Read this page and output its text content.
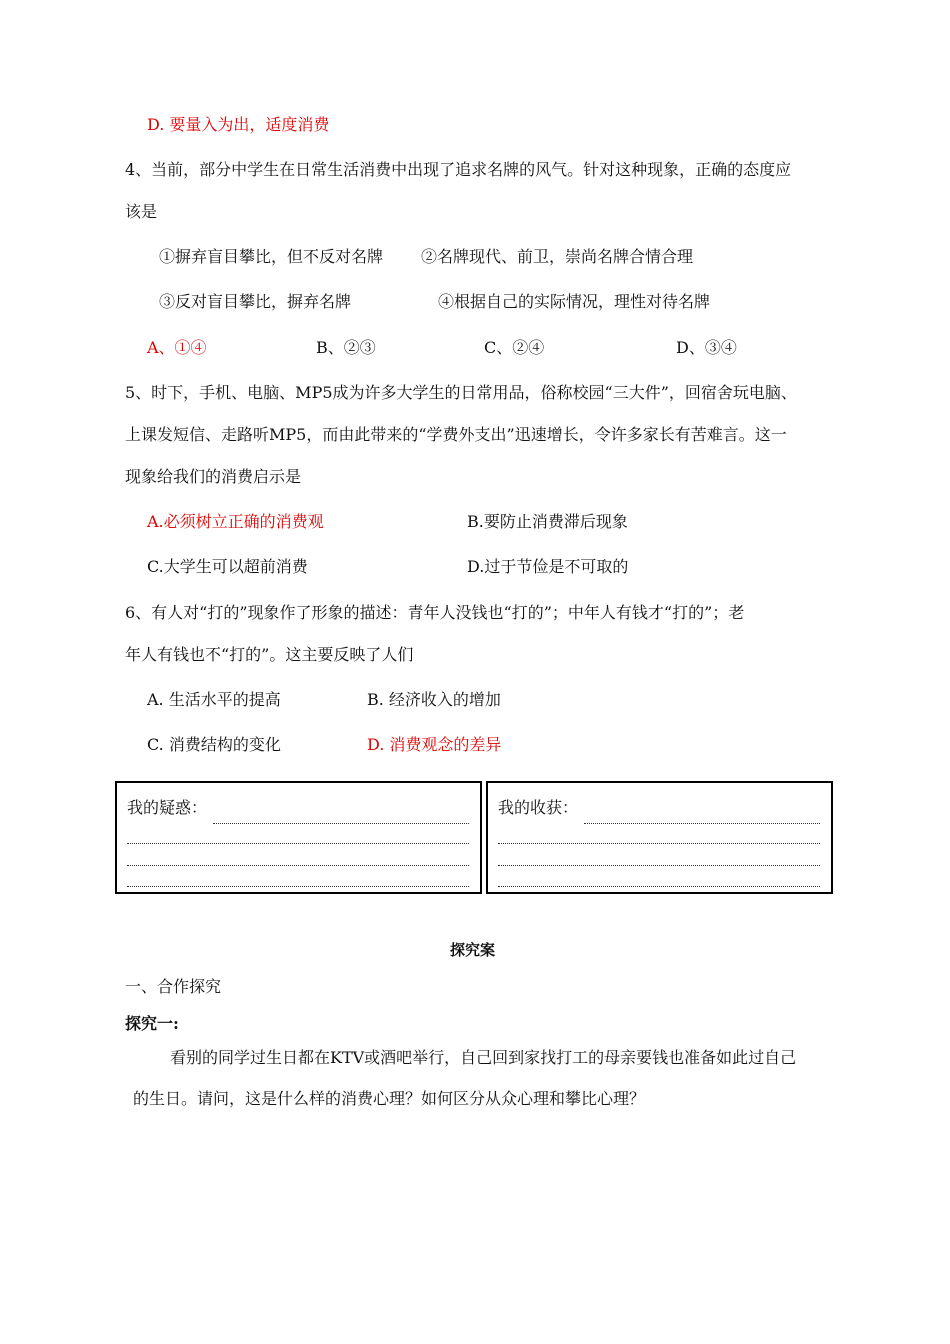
D. 要量入为出，适度消费
4、当前，部分中学生在日常生活消费中出现了追求名牌的风气。针对这种现象，正确的态度应
该是
①摒弃盲目攀比，但不反对名牌 ②名牌现代、前卫，崇尚名牌合情合理
③反对盲目攀比，摒弃名牌	④根据自己的实际情况，理性对待名牌
A、①④	B、②③	C、②④	D、③④
5、时下，手机、电脑、MP5成为许多大学生的日常用品，俗称校园“三大件”，回宿舍玩电脑、
上课发短信、走路听MP5，而由此带来的“学费外支出”迅速增长，令许多家长有苦难言。这一
现象给我们的消费启示是
A.必须树立正确的消费观	B.要防止消费滞后现象
C.大学生可以超前消费	D.过于节俭是不可取的
6、有人对“打的”现象作了形象的描述：青年人没钱也“打的”；中年人有钱才“打的”；老
年人有钱也不“打的”。这主要反映了人们
A. 生活水平的提高	B. 经济收入的增加
C. 消费结构的变化	D. 消费观念的差异
我的疑惑：	我的收获：
探究案
一、合作探究
探究一:
看别的同学过生日都在KTV或酒吧举行，自己回到家找打工的母亲要钱也准备如此过自己
的生日。请问，这是什么样的消费心理？如何区分从众心理和攀比心理？
